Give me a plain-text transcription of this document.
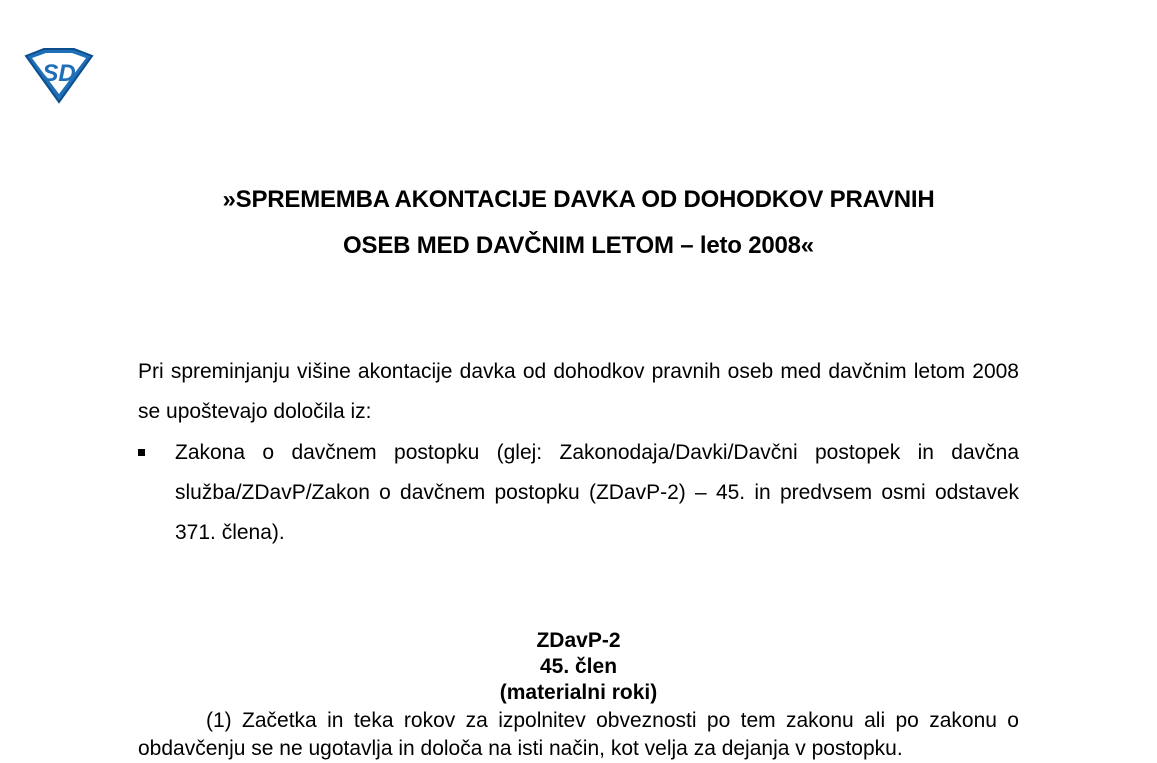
SD
»SPREMEMBA AKONTACIJE DAVKA OD DOHODKOV PRAVNIH
OSEB MED DAVČNIM LETOM – leto 2008«
Pri spreminjanju višine akontacije davka od dohodkov pravnih oseb med davčnim letom 2008 se upoštevajo določila iz:
Zakona o davčnem postopku (glej: Zakonodaja/Davki/Davčni postopek in davčna služba/ZDavP/Zakon o davčnem postopku (ZDavP-2) – 45. in predvsem osmi odstavek 371. člena).
ZDavP-2
45. člen
(materialni roki)
(1) Začetka in teka rokov za izpolnitev obveznosti po tem zakonu ali po zakonu o obdavčenju se ne ugotavlja in določa na isti način, kot velja za dejanja v postopku.
